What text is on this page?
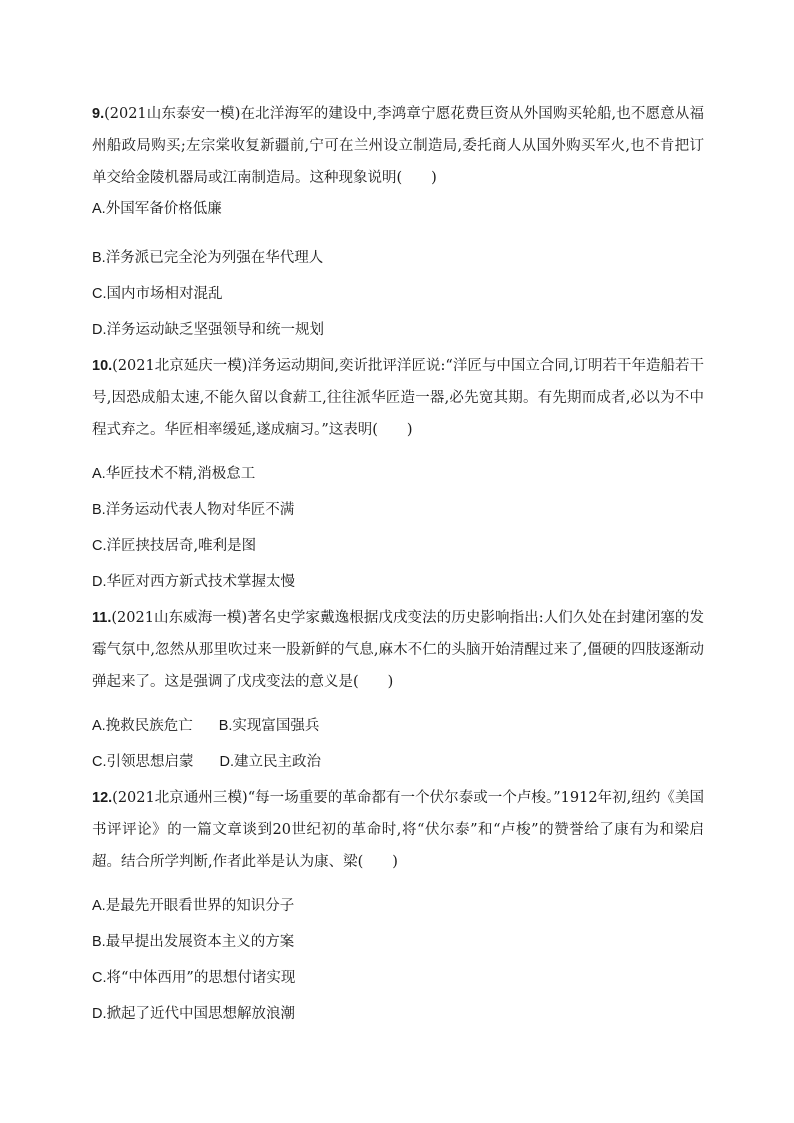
9.(2021山东泰安一模)在北洋海军的建设中,李鸿章宁愿花费巨资从外国购买轮船,也不愿意从福州船政局购买;左宗棠收复新疆前,宁可在兰州设立制造局,委托商人从国外购买军火,也不肯把订单交给金陵机器局或江南制造局。这种现象说明(　　)

A.外国军备价格低廉

B.洋务派已完全沦为列强在华代理人

C.国内市场相对混乱

D.洋务运动缺乏坚强领导和统一规划

10.(2021北京延庆一模)洋务运动期间,奕䜣批评洋匠说:“洋匠与中国立合同,订明若干年造船若干号,因恐成船太速,不能久留以食薪工,往往派华匠造一器,必先宽其期。有先期而成者,必以为不中程式弃之。华匠相率缓延,遂成痼习。”这表明(　　)

A.华匠技术不精,消极怠工

B.洋务运动代表人物对华匠不满

C.洋匠挟技居奇,唯利是图

D.华匠对西方新式技术掌握太慢

11.(2021山东威海一模)著名史学家戴逸根据戊戌变法的历史影响指出:人们久处在封建闭塞的发霉气氛中,忽然从那里吹过来一股新鲜的气息,麻木不仁的头脑开始清醒过来了,僵硬的四肢逐渐动弹起来了。这是强调了戊戌变法的意义是(　　)

A.挽救民族危亡 B.实现富国强兵

C.引领思想启蒙 D.建立民主政治

12.(2021北京通州三模)“每一场重要的革命都有一个伏尔泰或一个卢梭。”1912年初,纽约《美国书评评论》的一篇文章谈到20世纪初的革命时,将“伏尔泰”和“卢梭”的赞誉给了康有为和梁启超。结合所学判断,作者此举是认为康、梁(　　)

A.是最先开眼看世界的知识分子

B.最早提出发展资本主义的方案

C.将“中体西用”的思想付诸实现

D.掀起了近代中国思想解放浪潮
